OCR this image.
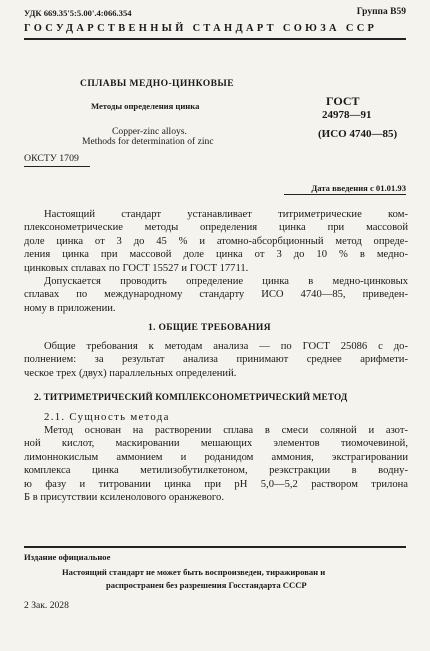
УДК 669.35'5:5.00'.4:066.354	Группа В59
ГОСУДАРСТВЕННЫЙ СТАНДАРТ СОЮЗА ССР
СПЛАВЫ МЕДНО-ЦИНКОВЫЕ
Методы определения цинка
Copper-zinc alloys.
Methods for determination of zinc
ГОСТ
24978—91
(ИСО 4740—85)
ОКСТУ 1709
Дата введения с 01.01.93
Настоящий стандарт устанавливает титриметрические ком-
плексонометрические методы определения цинка при массовой
доле цинка от 3 до 45 % и атомно-абсорбционный метод опреде-
ления цинка при массовой доле цинка от 3 до 10 % в медно-
цинковых сплавах по ГОСТ 15527 и ГОСТ 17711.
Допускается проводить определение цинка в медно-цинковых
сплавах по международному стандарту ИСО 4740—85, приведен-
ному в приложении.
1. ОБЩИЕ ТРЕБОВАНИЯ
Общие требования к методам анализа — по ГОСТ 25086 с до-
полнением: за результат анализа принимают среднее арифмети-
ческое трех (двух) параллельных определений.
2. ТИТРИМЕТРИЧЕСКИЙ КОМПЛЕКСОНОМЕТРИЧЕСКИЙ МЕТОД
2.1. Сущность метода
Метод основан на растворении сплава в смеси соляной и азот-
ной кислот, маскировании мешающих элементов тиомочевиной,
лимоннокислым аммонием и роданидом аммония, экстрагировании
комплекса цинка метилизобутилкетоном, реэкстракции в водну-
ю фазу и титровании цинка при pH 5,0—5,2 раствором трилона
Б в присутствии ксиленолового оранжевого.
Издание официальное
Настоящий стандарт не может быть воспроизведен, тиражирован и
распространен без разрешения Госстандарта СССР
2 Зак. 2028
